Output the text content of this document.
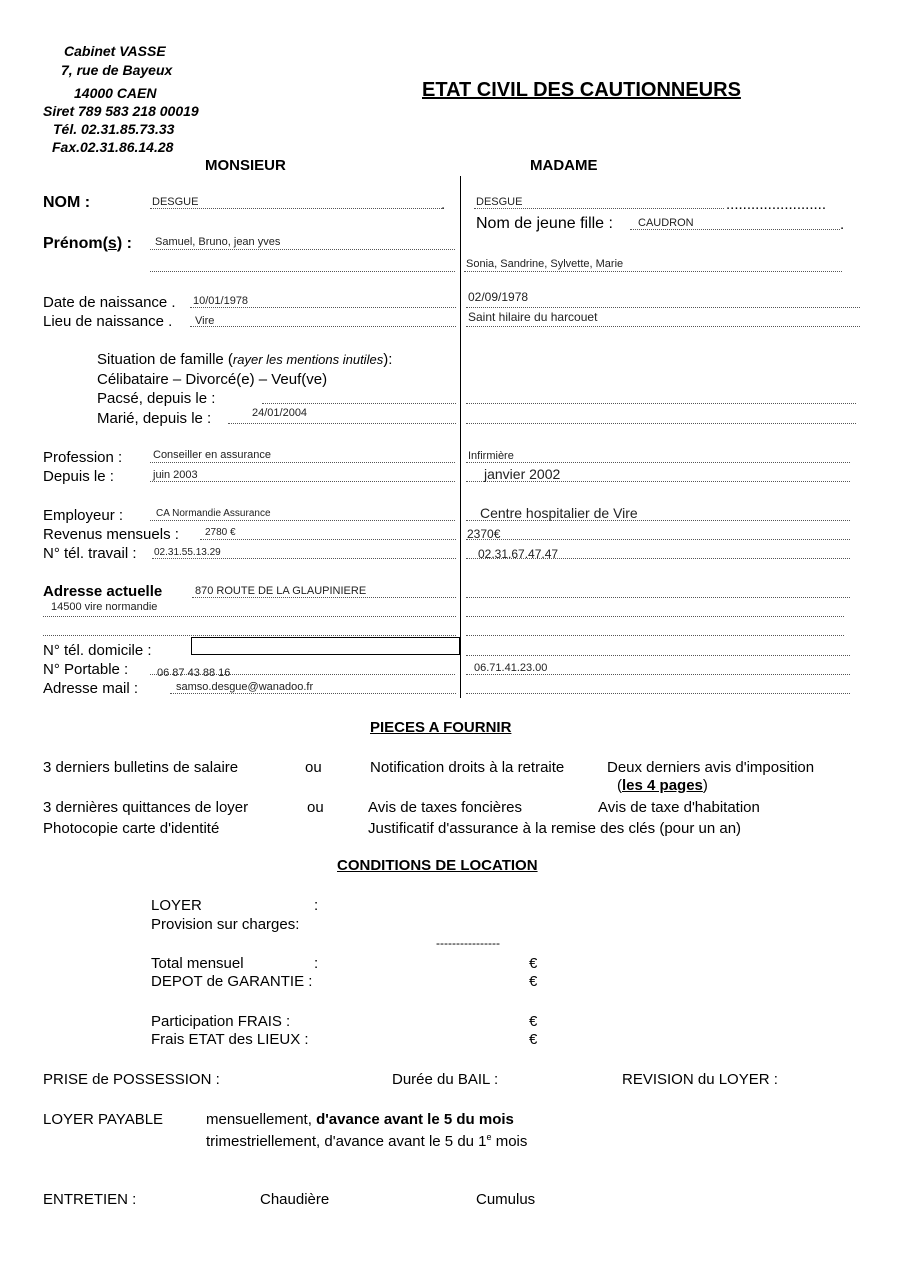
Cabinet VASSE
7, rue de Bayeux
14000 CAEN
Siret 789 583 218 00019
Tél. 02.31.85.73.33
Fax.02.31.86.14.28
ETAT CIVIL DES CAUTIONNEURS
MONSIEUR	MADAME
NOM :	DESGUE	.	DESGUE	........................
Nom de jeune fille : CAUDRON	.
Prénom(s) : Samuel, Bruno, jean yves
Sonia, Sandrine, Sylvette, Marie
Date de naissance . 10/01/1978	02/09/1978
Lieu de naissance . Vire	Saint hilaire du harcouet
Situation de famille (rayer les mentions inutiles):
Célibataire – Divorcé(e) – Veuf(ve)
Pacsé, depuis le :
Marié, depuis le :	24/01/2004
Profession :	Conseiller en assurance	Infirmière
Depuis le :	juin 2003	janvier 2002
Employeur :	CA Normandie Assurance	Centre hospitalier de Vire
Revenus mensuels :	2780 €	2370€
N° tél. travail : 02.31.55.13.29	02.31.67.47.47
Adresse actuelle	870 ROUTE DE LA GLAUPINIERE
14500 vire normandie
N° tél. domicile :
N° Portable :	06 87 43 88 16	06.71.41.23.00
Adresse mail :	samso.desgue@wanadoo.fr
PIECES A FOURNIR
3 derniers bulletins de salaire	ou	Notification droits à la retraite	Deux derniers avis d'imposition
(les 4 pages)
3 dernières quittances de loyer	ou	Avis de taxes foncières	Avis de taxe d'habitation
Photocopie carte d'identité	Justificatif d'assurance à la remise des clés (pour un an)
CONDITIONS DE LOCATION
LOYER	:
Provision sur charges:
----------------
Total mensuel	:	€
DEPOT de GARANTIE :	€
Participation FRAIS :	€
Frais ETAT des LIEUX :	€
PRISE de POSSESSION :	Durée du BAIL :	REVISION du LOYER :
LOYER PAYABLE	mensuellement, d'avance avant le 5 du mois
trimestriellement, d'avance avant le 5 du 1e mois
ENTRETIEN :	Chaudière	Cumulus
